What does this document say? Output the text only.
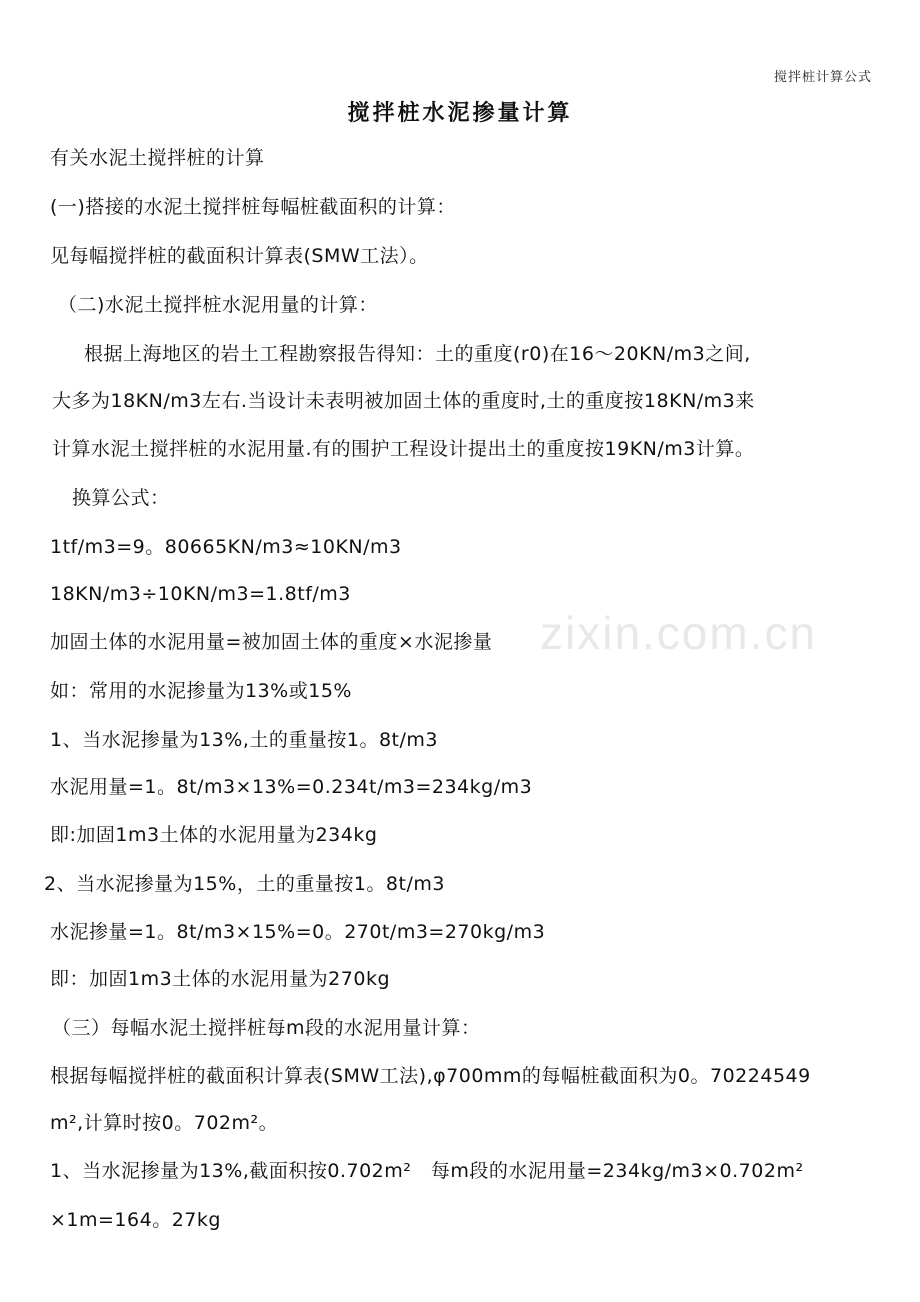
搅拌桩计算公式
搅拌桩水泥掺量计算
zixin.com.cn
有关水泥土搅拌桩的计算
(一)搭接的水泥土搅拌桩每幅桩截面积的计算：
见每幅搅拌桩的截面积计算表(SMW工法）。
（二)水泥土搅拌桩水泥用量的计算：
根据上海地区的岩土工程勘察报告得知：土的重度(r0)在16～20KN/m3之间,
大多为18KN/m3左右.当设计未表明被加固土体的重度时,土的重度按18KN/m3来
计算水泥土搅拌桩的水泥用量.有的围护工程设计提出土的重度按19KN/m3计算。
换算公式：
1tf/m3=9。80665KN/m3≈10KN/m3
18KN/m3÷10KN/m3=1.8tf/m3
加固土体的水泥用量=被加固土体的重度×水泥掺量
如：常用的水泥掺量为13%或15%
1、当水泥掺量为13%,土的重量按1。8t/m3
水泥用量=1。8t/m3×13%=0.234t/m3=234kg/m3
即:加固1m3土体的水泥用量为234kg
2、当水泥掺量为15%，土的重量按1。8t/m3
水泥掺量=1。8t/m3×15%=0。270t/m3=270kg/m3
即：加固1m3土体的水泥用量为270kg
（三）每幅水泥土搅拌桩每m段的水泥用量计算：
根据每幅搅拌桩的截面积计算表(SMW工法),φ700mm的每幅桩截面积为0。70224549
m²,计算时按0。702m²。
1、当水泥掺量为13%,截面积按0.702m²　每m段的水泥用量=234kg/m3×0.702m²
×1m=164。27kg
